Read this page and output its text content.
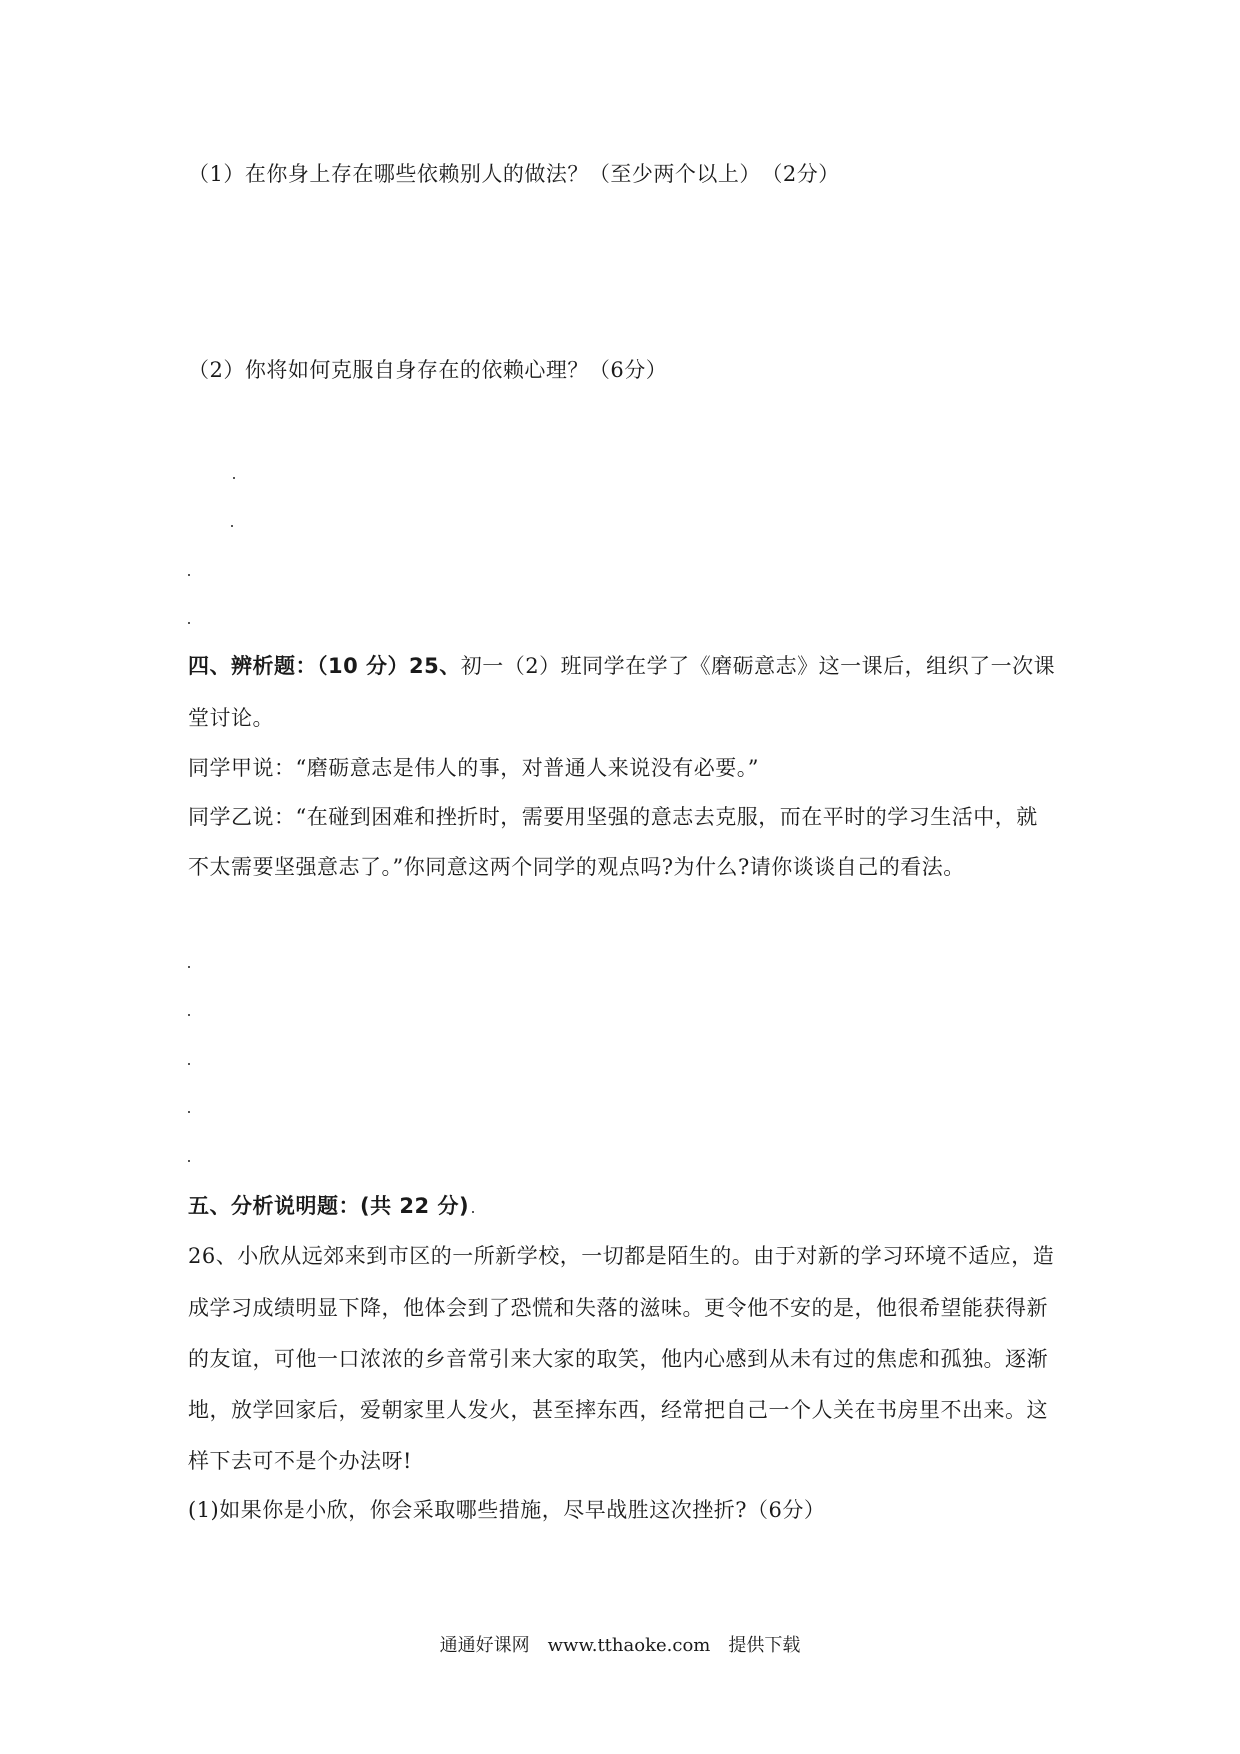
（1）在你身上存在哪些依赖别人的做法？（至少两个以上）　（2分）
（2）你将如何克服自身存在的依赖心理？（6分）
四、辨析题：（10 分）25、初一（2）班同学在学了《磨砺意志》这一课后，组织了一次课
堂讨论。
同学甲说：“磨砺意志是伟人的事，对普通人来说没有必要。”
同学乙说：“在碰到困难和挫折时，需要用坚强的意志去克服，而在平时的学习生活中，就
不太需要坚强意志了。”你同意这两个同学的观点吗?为什么?请你谈谈自己的看法。
五、分析说明题：(共 22 分)
26、小欣从远郊来到市区的一所新学校，一切都是陌生的。由于对新的学习环境不适应，造
成学习成绩明显下降，他体会到了恐慌和失落的滋味。更令他不安的是，他很希望能获得新
的友谊，可他一口浓浓的乡音常引来大家的取笑，他内心感到从未有过的焦虑和孤独。逐渐
地，放学回家后，爱朝家里人发火，甚至摔东西，经常把自己一个人关在书房里不出来。这
样下去可不是个办法呀!
(1)如果你是小欣，你会采取哪些措施，尽早战胜这次挫折?（6分）
通通好课网　www.tthaoke.com　提供下载
